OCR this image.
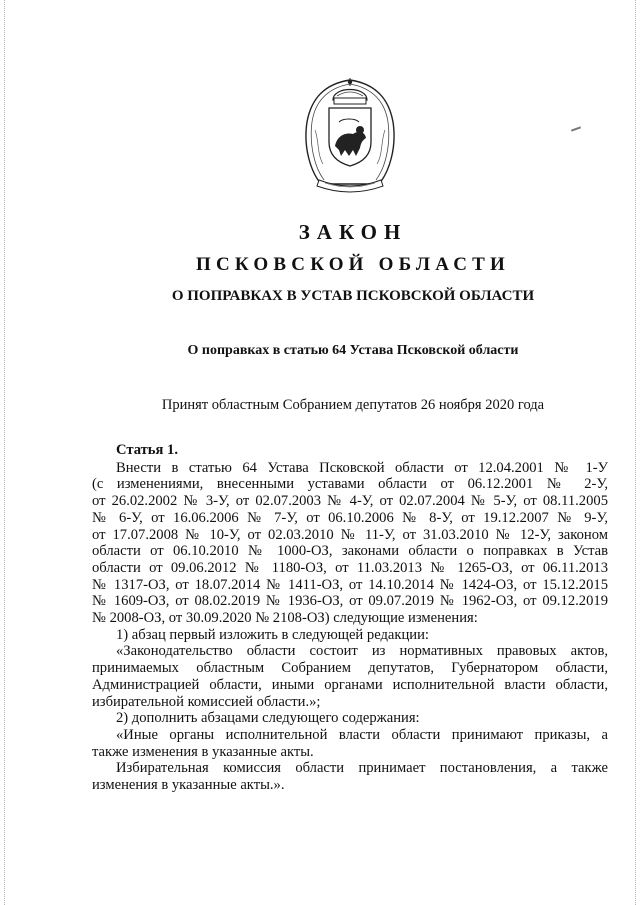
ЗАКОН
ПСКОВСКОЙ ОБЛАСТИ
О ПОПРАВКАХ В УСТАВ ПСКОВСКОЙ ОБЛАСТИ
О поправках в статью 64 Устава Псковской области
Принят областным Собранием депутатов 26 ноября 2020 года
Статья 1.
Внести в статью 64 Устава Псковской области от 12.04.2001 № 1-У
(с изменениями, внесенными уставами области от 06.12.2001 № 2-У,
от 26.02.2002 № 3-У, от 02.07.2003 № 4-У, от 02.07.2004 № 5-У, от 08.11.2005
№ 6-У, от 16.06.2006 № 7-У, от 06.10.2006 № 8-У, от 19.12.2007 № 9-У,
от 17.07.2008 № 10-У, от 02.03.2010 № 11-У, от 31.03.2010 № 12-У, законом
области от 06.10.2010 № 1000-ОЗ, законами области о поправках в Устав
области от 09.06.2012 № 1180-ОЗ, от 11.03.2013 № 1265-ОЗ, от 06.11.2013
№ 1317-ОЗ, от 18.07.2014 № 1411-ОЗ, от 14.10.2014 № 1424-ОЗ, от 15.12.2015
№ 1609-ОЗ, от 08.02.2019 № 1936-ОЗ, от 09.07.2019 № 1962-ОЗ, от 09.12.2019
№ 2008-ОЗ, от 30.09.2020 № 2108-ОЗ) следующие изменения:
1) абзац первый изложить в следующей редакции:
«Законодательство области состоит из нормативных правовых актов,
принимаемых областным Собранием депутатов, Губернатором области,
Администрацией области, иными органами исполнительной власти области,
избирательной комиссией области.»;
2) дополнить абзацами следующего содержания:
«Иные органы исполнительной власти области принимают приказы, а
также изменения в указанные акты.
Избирательная комиссия области принимает постановления, а также
изменения в указанные акты.».
